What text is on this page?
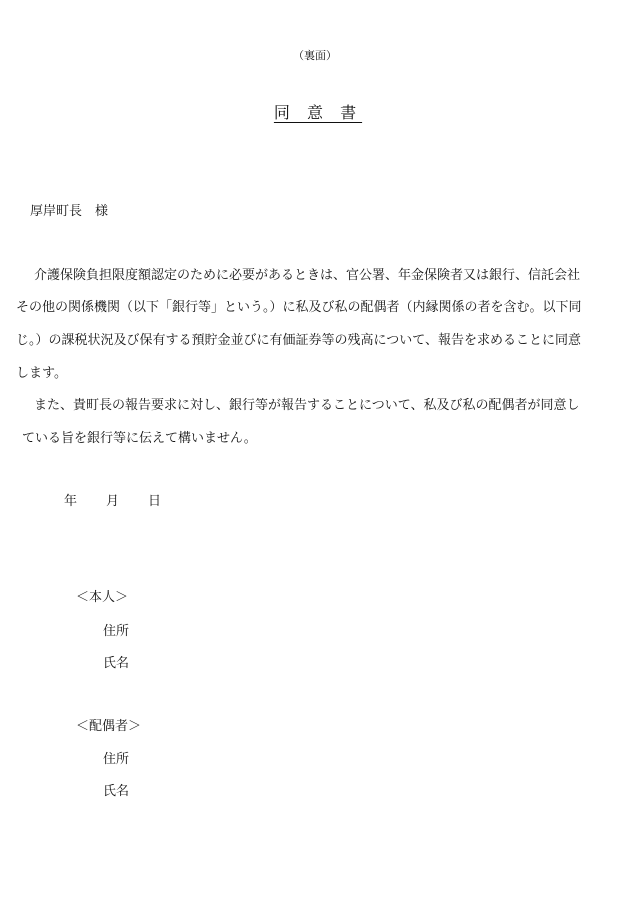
（裏面）
同 意 書
厚岸町長　様
介護保険負担限度額認定のために必要があるときは、官公署、年金保険者又は銀行、信託会社
その他の関係機関（以下「銀行等」という。）に私及び私の配偶者（内縁関係の者を含む。以下同
じ。）の課税状況及び保有する預貯金並びに有価証券等の残高について、報告を求めることに同意
します。
また、貴町長の報告要求に対し、銀行等が報告することについて、私及び私の配偶者が同意し
ている旨を銀行等に伝えて構いません。
年 月 日
＜本人＞
住所
氏名
＜配偶者＞
住所
氏名
